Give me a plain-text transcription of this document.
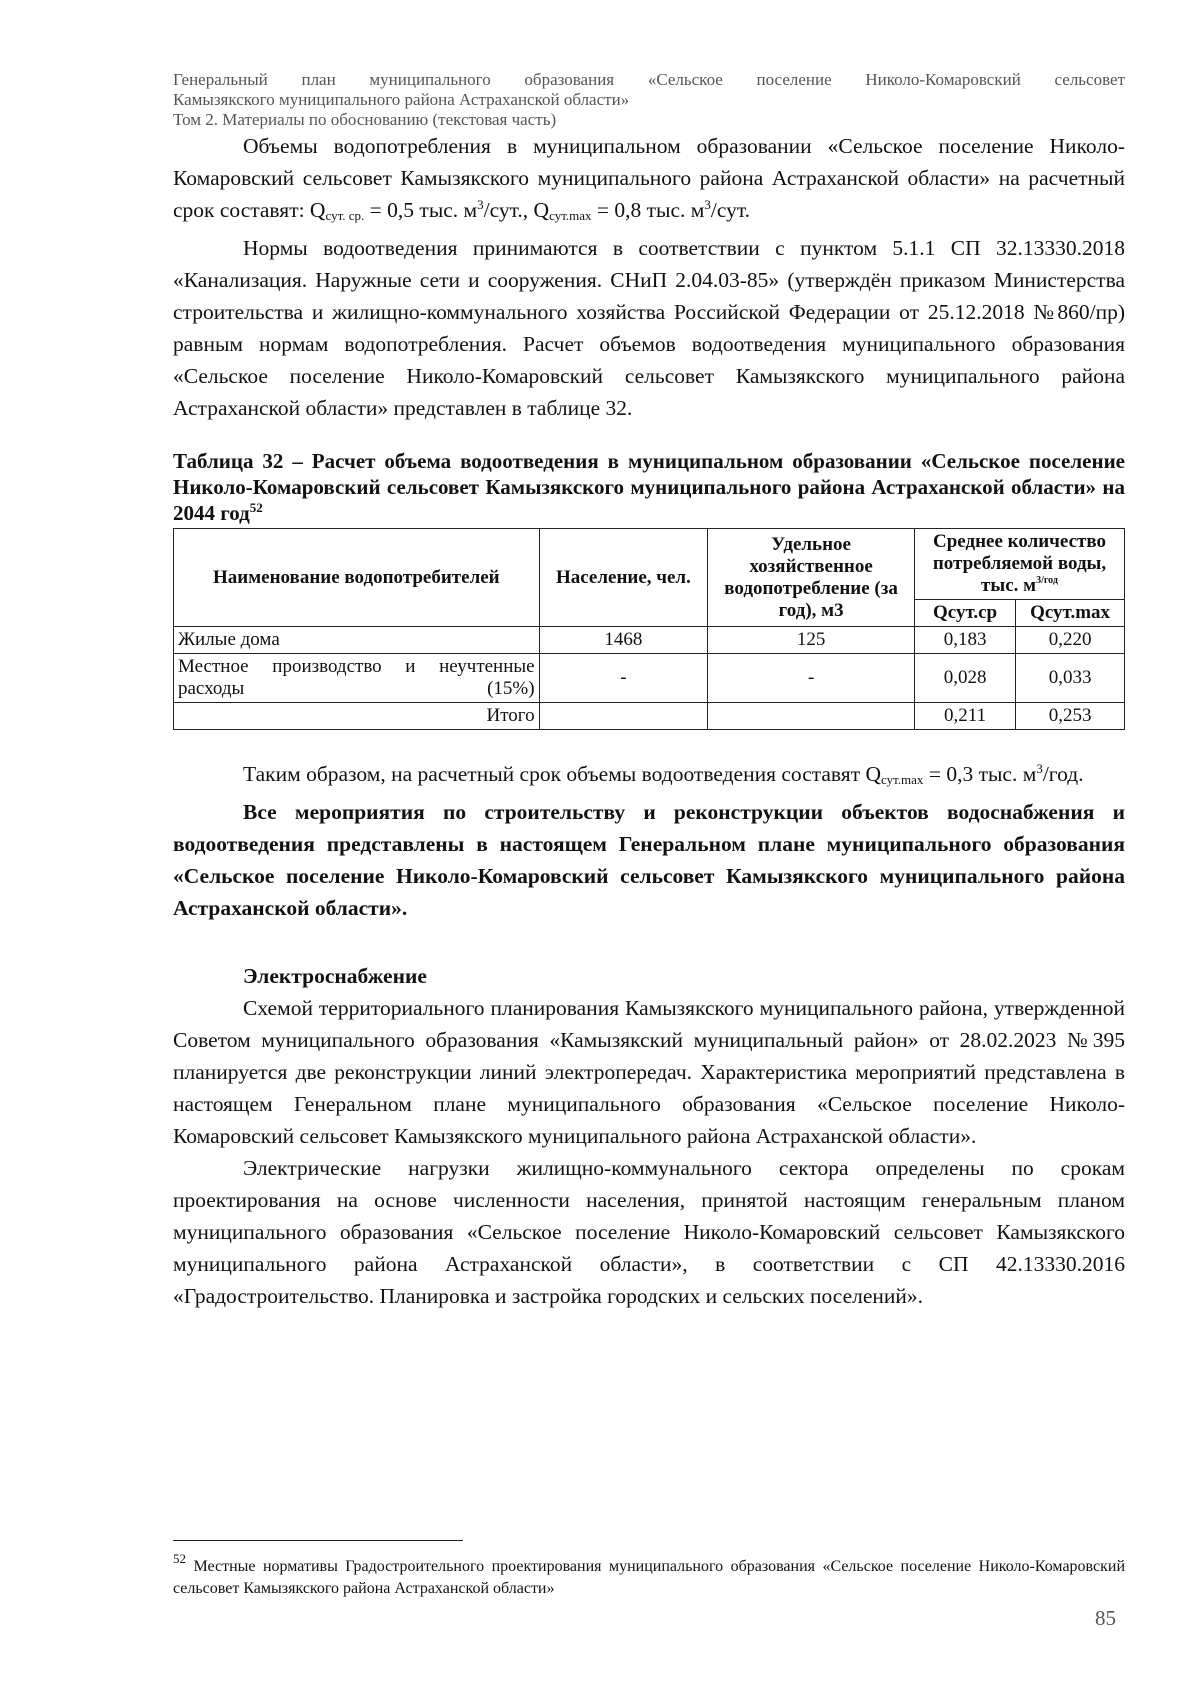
Генеральный план муниципального образования «Сельское поселение Николо-Комаровский сельсовет
Камызякского муниципального района Астраханской области»
Том 2. Материалы по обоснованию (текстовая часть)

Объемы водопотребления в муниципальном образовании «Сельское поселение Николо-Комаровский сельсовет Камызякского муниципального района Астраханской области» на расчетный срок составят: $Q_{сут. ср.} = 0,5$ тыс. $м^3$/сут., $Q_{сут.max} = 0,8$ тыс. $м^3$/сут.

Нормы водоотведения принимаются в соответствии с пунктом 5.1.1 СП 32.13330.2018 «Канализация. Наружные сети и сооружения. СНиП 2.04.03-85» (утверждён приказом Министерства строительства и жилищно-коммунального хозяйства Российской Федерации от 25.12.2018 №860/пр) равным нормам водопотребления. Расчет объемов водоотведения муниципального образования «Сельское поселение Николо-Комаровский сельсовет Камызякского муниципального района Астраханской области» представлен в таблице 32.

Таблица 32 – Расчет объема водоотведения в муниципальном образовании «Сельское поселение Николо-Комаровский сельсовет Камызякского муниципального района Астраханской области» на 2044 год$^{52}$
Наименование водопотребителей	Население, чел.	Удельное хозяйственное водопотребление (за год), м3	Среднее количество потребляемой воды, тыс. $м^{3/год}$
			Qсут.ср	Qсут.max
Жилые дома	1468	125	0,183	0,220
Местное производство и неучтенные расходы (15%)	-	-	0,028	0,033
Итого			0,211	0,253

Таким образом, на расчетный срок объемы водоотведения составят $Q_{сут.max} = 0,3$ тыс. $м^3$/год.

Все мероприятия по строительству и реконструкции объектов водоснабжения и водоотведения представлены в настоящем Генеральном плане муниципального образования «Сельское поселение Николо-Комаровский сельсовет Камызякского муниципального района Астраханской области».

Электроснабжение

Схемой территориального планирования Камызякского муниципального района, утвержденной Советом муниципального образования «Камызякский муниципальный район» от 28.02.2023 №395 планируется две реконструкции линий электропередач. Характеристика мероприятий представлена в настоящем Генеральном плане муниципального образования «Сельское поселение Николо-Комаровский сельсовет Камызякского муниципального района Астраханской области».

Электрические нагрузки жилищно-коммунального сектора определены по срокам проектирования на основе численности населения, принятой настоящим генеральным планом муниципального образования «Сельское поселение Николо-Комаровский сельсовет Камызякского муниципального района Астраханской области», в соответствии с СП 42.13330.2016 «Градостроительство. Планировка и застройка городских и сельских поселений».

$^{52}$ Местные нормативы Градостроительного проектирования муниципального образования «Сельское поселение Николо-Комаровский сельсовет Камызякского района Астраханской области»
85
